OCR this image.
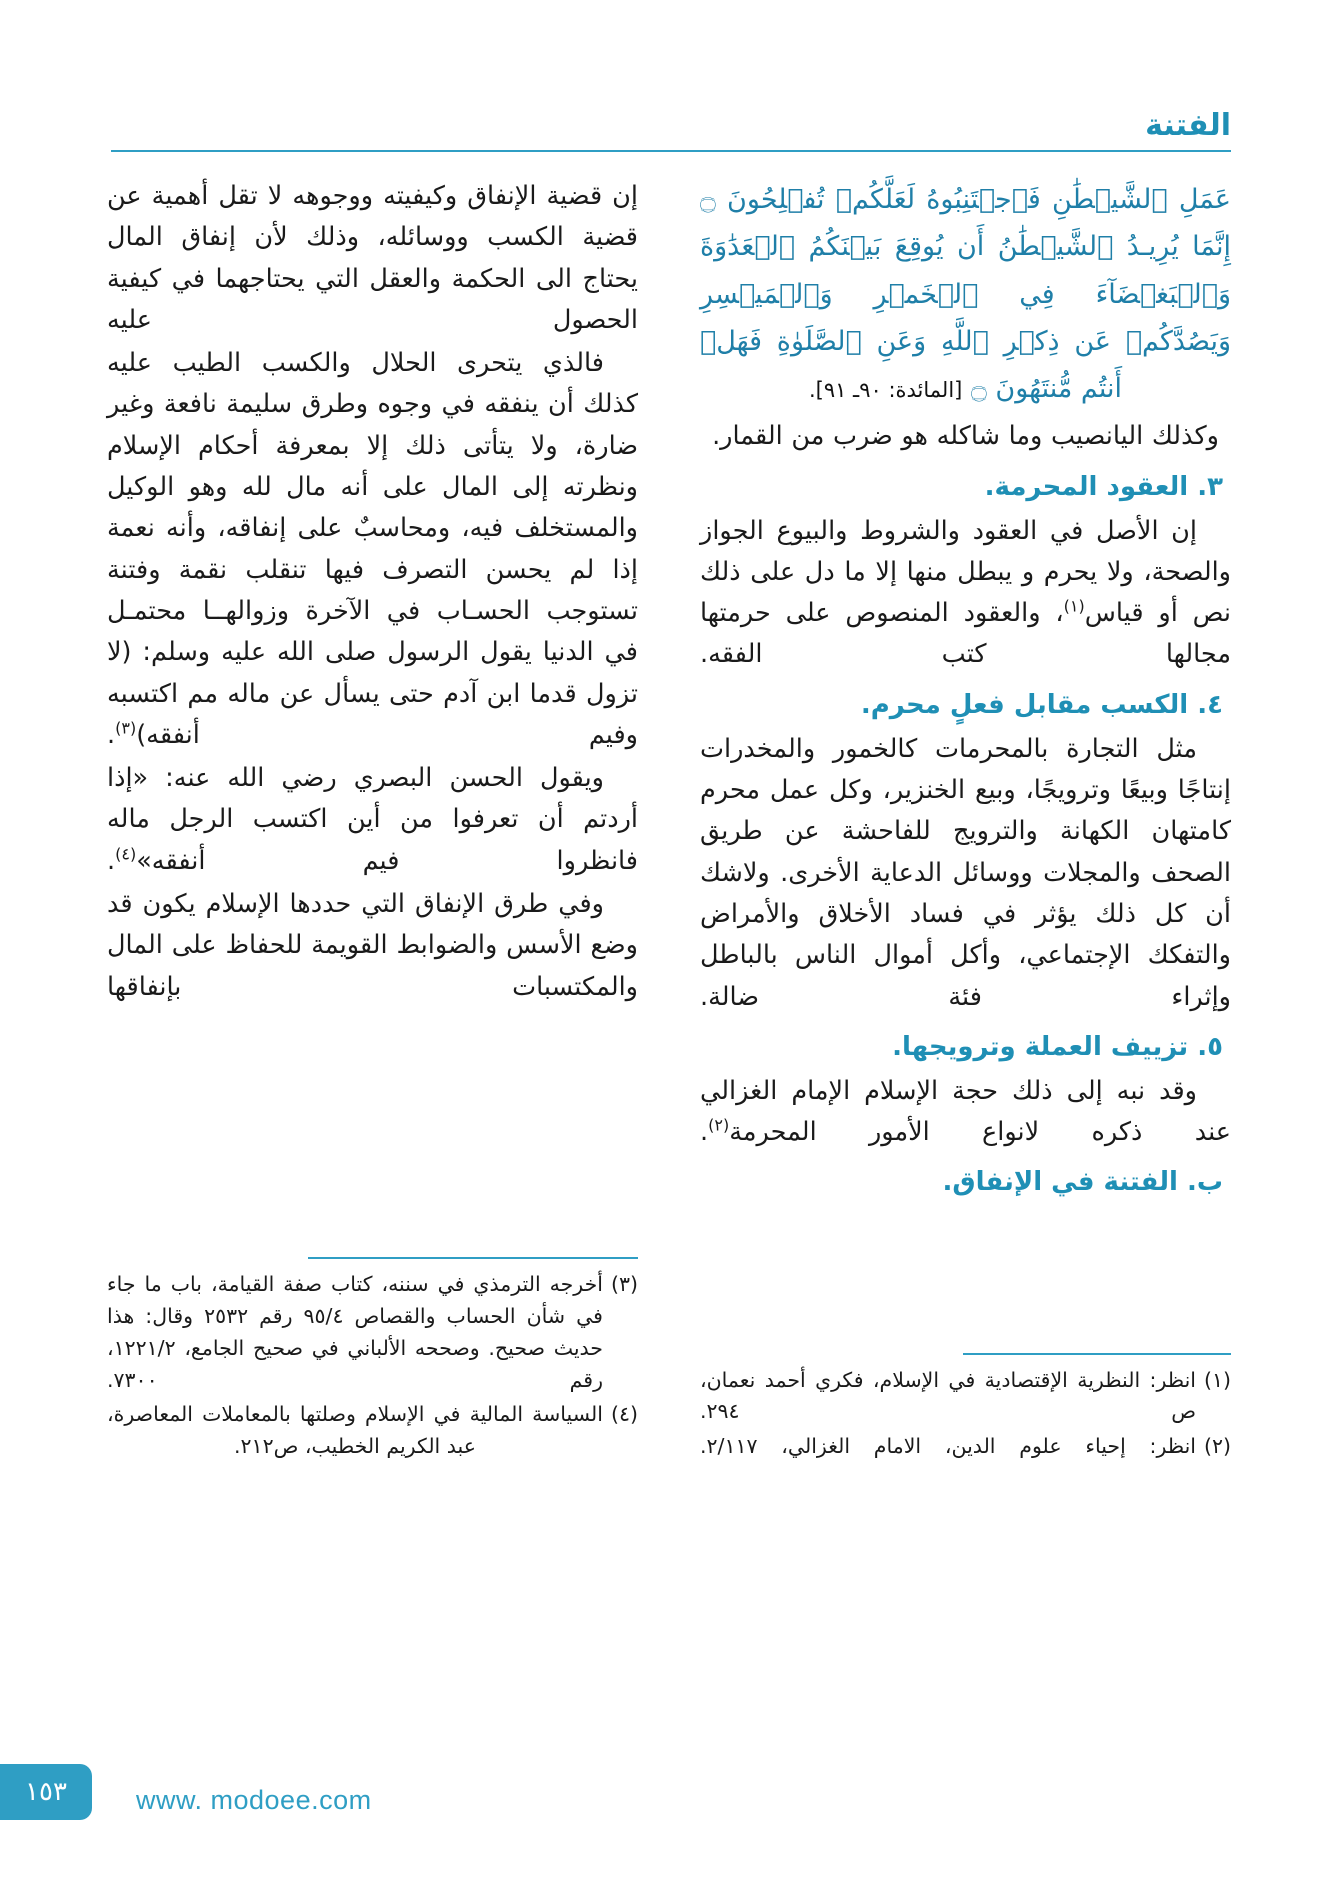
الفتنة
عَمَلِ ٱلشَّيۡطَٰنِ فَٱجۡتَنِبُوهُ لَعَلَّكُمۡ تُفۡلِحُونَ ۝ إِنَّمَا يُرِيـدُ ٱلشَّيۡطَٰنُ أَن يُوقِعَ بَيۡنَكُمُ ٱلۡعَدَٰوَةَ وَٱلۡبَغۡضَآءَ فِي ٱلۡخَمۡرِ وَٱلۡمَيۡسِرِ وَيَصُدَّكُمۡ عَن ذِكۡرِ ٱللَّهِ وَعَنِ ٱلصَّلَوٰةِ فَهَلۡ أَنتُم مُّنتَهُونَ ۝ [المائدة: ٩٠ـ ٩١].

وكذلك اليانصيب وما شاكله هو ضرب من القمار.

٣. العقود المحرمة.

إن الأصل في العقود والشروط والبيوع الجواز والصحة، ولا يحرم و يبطل منها إلا ما دل على ذلك نص أو قياس$^{(١)}$، والعقود المنصوص على حرمتها مجالها كتب الفقه.

٤. الكسب مقابل فعلٍ محرم.

مثل التجارة بالمحرمات كالخمور والمخدرات إنتاجًا وبيعًا وترويجًا، وبيع الخنزير، وكل عمل محرم كامتهان الكهانة والترويج للفاحشة عن طريق الصحف والمجلات ووسائل الدعاية الأخرى. ولاشك أن كل ذلك يؤثر في فساد الأخلاق والأمراض والتفكك الإجتماعي، وأكل أموال الناس بالباطل وإثراء فئة ضالة.

٥. تزييف العملة وترويجها.

وقد نبه إلى ذلك حجة الإسلام الإمام الغزالي عند ذكره لانواع الأمور المحرمة$^{(٢)}$.

ب. الفتنة في الإنفاق.
(١)
انظر: النظرية الإقتصادية في الإسلام، فكري أحمد نعمان، ص ٢٩٤.
(٢)
انظر: إحياء علوم الدين، الامام الغزالي، ٢/١١٧.

إن قضية الإنفاق وكيفيته ووجوهه لا تقل أهمية عن قضية الكسب ووسائله، وذلك لأن إنفاق المال يحتاج الى الحكمة والعقل التي يحتاجهما في كيفية الحصول عليه

فالذي يتحرى الحلال والكسب الطيب عليه كذلك أن ينفقه في وجوه وطرق سليمة نافعة وغير ضارة، ولا يتأتى ذلك إلا بمعرفة أحكام الإسلام ونظرته إلى المال على أنه مال لله وهو الوكيل والمستخلف فيه، ومحاسبٌ على إنفاقه، وأنه نعمة إذا لم يحسن التصرف فيها تنقلب نقمة وفتنة تستوجب الحسـاب في الآخرة وزوالهــا محتمـل في الدنيا يقول الرسول صلى الله عليه وسلم: (لا تزول قدما ابن آدم حتى يسأل عن ماله مم اكتسبه وفيم أنفقه)$^{(٣)}$.

ويقول الحسن البصري رضي الله عنه: «إذا أردتم أن تعرفوا من أين اكتسب الرجل ماله فانظروا فيم أنفقه»$^{(٤)}$.

وفي طرق الإنفاق التي حددها الإسلام يكون قد وضع الأسس والضوابط القويمة للحفاظ على المال والمكتسبات بإنفاقها

(٣)
أخرجه الترمذي في سننه، كتاب صفة القيامة، باب ما جاء في شأن الحساب والقصاص ٩٥/٤ رقم ٢٥٣٢ وقال: هذا حديث صحيح. وصححه الألباني في صحيح الجامع، ١٢٢١/٢، رقم ٧٣٠٠.
(٤)
السياسة المالية في الإسلام وصلتها بالمعاملات المعاصرة، عبد الكريم الخطيب، ص٢١٢.
١٥٣	www. modoee.com
